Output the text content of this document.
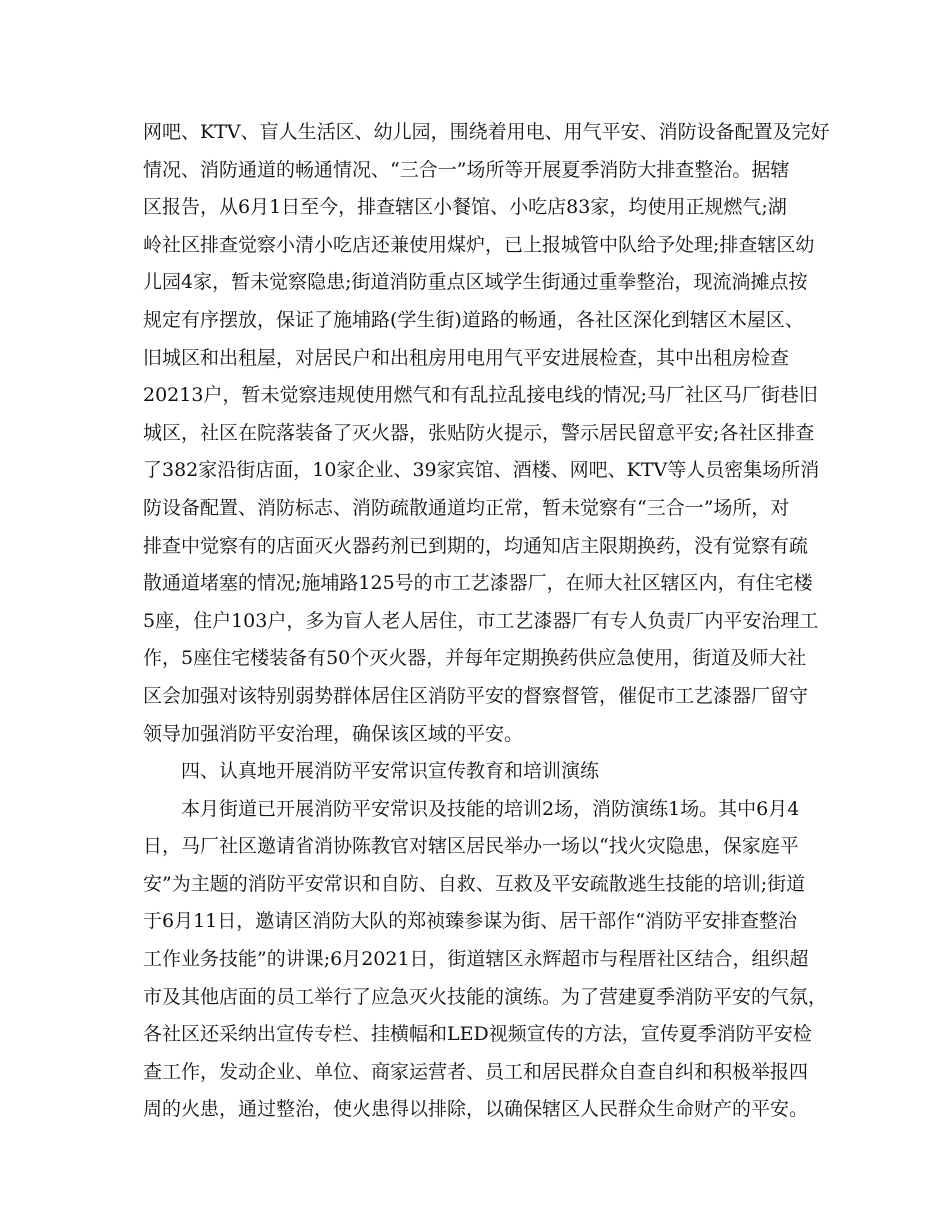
网吧、KTV、盲人生活区、幼儿园，围绕着用电、用气平安、消防设备配置及完好
情况、消防通道的畅通情况、“三合一”场所等开展夏季消防大排查整治。据辖
区报告，从6月1日至今，排查辖区小餐馆、小吃店83家，均使用正规燃气;湖
岭社区排查觉察小清小吃店还兼使用煤炉，已上报城管中队给予处理;排查辖区幼
儿园4家，暂未觉察隐患;街道消防重点区域学生街通过重拳整治，现流淌摊点按
规定有序摆放，保证了施埔路(学生街)道路的畅通，各社区深化到辖区木屋区、
旧城区和出租屋，对居民户和出租房用电用气平安进展检查，其中出租房检查
20213户，暂未觉察违规使用燃气和有乱拉乱接电线的情况;马厂社区马厂街巷旧
城区，社区在院落装备了灭火器，张贴防火提示，警示居民留意平安;各社区排查
了382家沿街店面，10家企业、39家宾馆、酒楼、网吧、KTV等人员密集场所消
防设备配置、消防标志、消防疏散通道均正常，暂未觉察有“三合一”场所，对
排查中觉察有的店面灭火器药剂已到期的，均通知店主限期换药，没有觉察有疏
散通道堵塞的情况;施埔路125号的市工艺漆器厂，在师大社区辖区内，有住宅楼
5座，住户103户，多为盲人老人居住，市工艺漆器厂有专人负责厂内平安治理工
作，5座住宅楼装备有50个灭火器，并每年定期换药供应急使用，街道及师大社
区会加强对该特别弱势群体居住区消防平安的督察督管，催促市工艺漆器厂留守
领导加强消防平安治理，确保该区域的平安。
四、认真地开展消防平安常识宣传教育和培训演练
本月街道已开展消防平安常识及技能的培训2场，消防演练1场。其中6月4
日，马厂社区邀请省消协陈教官对辖区居民举办一场以“找火灾隐患，保家庭平
安”为主题的消防平安常识和自防、自救、互救及平安疏散逃生技能的培训;街道
于6月11日，邀请区消防大队的郑祯臻参谋为街、居干部作“消防平安排查整治
工作业务技能”的讲课;6月2021日，街道辖区永辉超市与程厝社区结合，组织超
市及其他店面的员工举行了应急灭火技能的演练。为了营建夏季消防平安的气氛，
各社区还采纳出宣传专栏、挂横幅和LED视频宣传的方法，宣传夏季消防平安检
查工作，发动企业、单位、商家运营者、员工和居民群众自查自纠和积极举报四
周的火患，通过整治，使火患得以排除，以确保辖区人民群众生命财产的平安。
